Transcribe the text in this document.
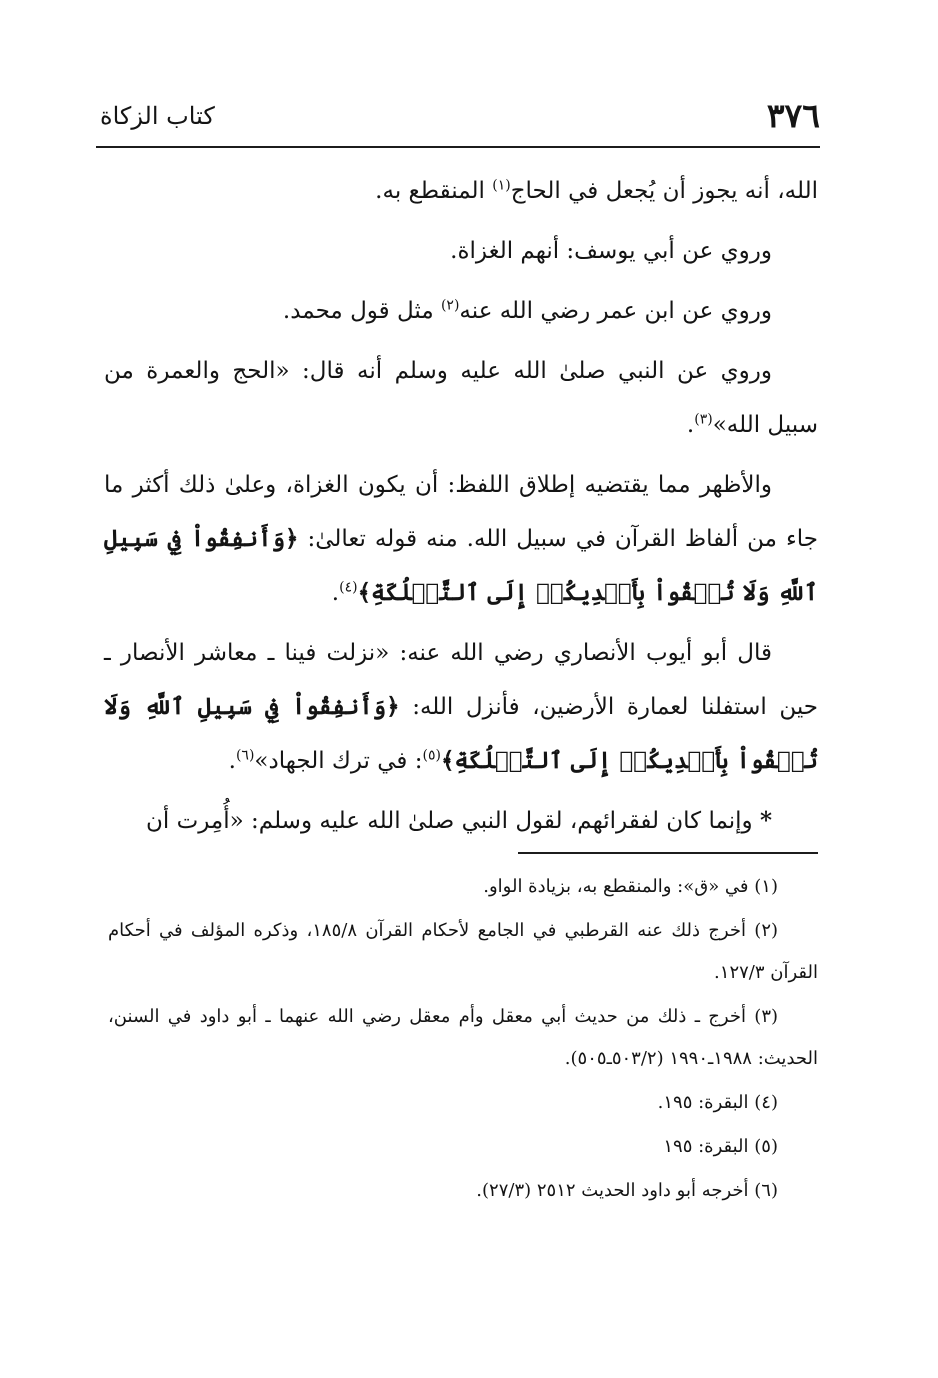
٣٧٦
كتاب الزكاة

الله، أنه يجوز أن يُجعل في الحاج$^{(١)}$ المنقطع به.

وروي عن أبي يوسف: أنهم الغزاة.

وروي عن ابن عمر رضي الله عنه$^{(٢)}$ مثل قول محمد.

وروي عن النبي صلىٰ الله عليه وسلم أنه قال: «الحج والعمرة من سبيل الله»$^{(٣)}$.

والأظهر مما يقتضيه إطلاق اللفظ: أن يكون الغزاة، وعلىٰ ذلك أكثر ما جاء من ألفاظ القرآن في سبيل الله. منه قوله تعالىٰ: ﴿وَأَنفِقُواْ فِي سَبِيلِ ٱللَّهِ وَلَا تُلۡقُواْ بِأَيۡدِيكُمۡ إِلَى ٱلتَّهۡلُكَةِ﴾$^{(٤)}$.

قال أبو أيوب الأنصاري رضي الله عنه: «نزلت فينا ـ معاشر الأنصار ـ حين استفلنا لعمارة الأرضين، فأنزل الله: ﴿وَأَنفِقُواْ فِي سَبِيلِ ٱللَّهِ وَلَا تُلۡقُواْ بِأَيۡدِيكُمۡ إِلَى ٱلتَّهۡلُكَةِ﴾$^{(٥)}$: في ترك الجهاد»$^{(٦)}$.

* وإنما كان لفقرائهم، لقول النبي صلىٰ الله عليه وسلم: «أُمِرت أن

(١) في «ق»: والمنقطع به، بزيادة الواو.

(٢) أخرج ذلك عنه القرطبي في الجامع لأحكام القرآن ١٨٥/٨، وذكره المؤلف في أحكام القرآن ١٢٧/٣.

(٣) أخرج ـ ذلك من حديث أبي معقل وأم معقل رضي الله عنهما ـ أبو داود في السنن، الحديث: ١٩٨٨ـ١٩٩٠ (٥٠٣/٢ـ٥٠٥).

(٤) البقرة: ١٩٥.

(٥) البقرة: ١٩٥

(٦) أخرجه أبو داود الحديث ٢٥١٢ (٢٧/٣).
